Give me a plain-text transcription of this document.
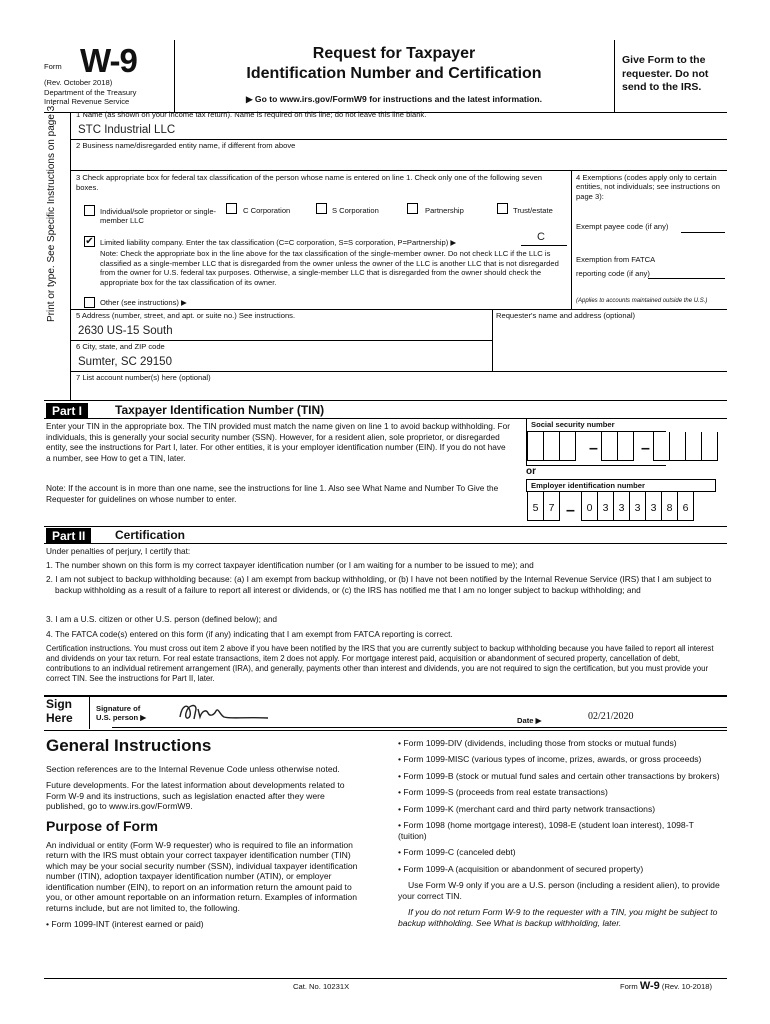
Form W-9
(Rev. October 2018)
Department of the Treasury
Internal Revenue Service
Request for Taxpayer
Identification Number and Certification
▶ Go to www.irs.gov/FormW9 for instructions and the latest information.
Give Form to the requester. Do not send to the IRS.
Print or type. See Specific Instructions on page 3.	1 Name (as shown on your income tax return). Name is required on this line; do not leave this line blank.
STC Industrial LLC
2 Business name/disregarded entity name, if different from above
3 Check appropriate box for federal tax classification of the person whose name is entered on line 1. Check only one of the following seven boxes.
Individual/sole proprietor or single-member LLC
C Corporation	S Corporation	Partnership	Trust/estate
✔ Limited liability company. Enter the tax classification (C=C corporation, S=S corporation, P=Partnership) ▶	C
Note: Check the appropriate box in the line above for the tax classification of the single-member owner. Do not check LLC if the LLC is classified as a single-member LLC that is disregarded from the owner unless the owner of the LLC is another LLC that is not disregarded from the owner for U.S. federal tax purposes. Otherwise, a single-member LLC that is disregarded from the owner should check the appropriate box for the tax classification of its owner.
Other (see instructions) ▶
4 Exemptions (codes apply only to certain entities, not individuals; see instructions on page 3):
Exempt payee code (if any)
Exemption from FATCA reporting code (if any)
(Applies to accounts maintained outside the U.S.)
5 Address (number, street, and apt. or suite no.) See instructions.
2630 US-15 South
Requester's name and address (optional)
6 City, state, and ZIP code
Sumter, SC 29150
7 List account number(s) here (optional)
Part I	Taxpayer Identification Number (TIN)
Enter your TIN in the appropriate box. The TIN provided must match the name given on line 1 to avoid backup withholding. For individuals, this is generally your social security number (SSN). However, for a resident alien, sole proprietor, or disregarded entity, see the instructions for Part I, later. For other entities, it is your employer identification number (EIN). If you do not have a number, see How to get a TIN, later.
Note: If the account is in more than one name, see the instructions for line 1. Also see What Name and Number To Give the Requester for guidelines on whose number to enter.
Social security number
–	–
or
Employer identification number
–
5 7	0 3 3 3 3 8 6
Part II	Certification
Under penalties of perjury, I certify that:
1. The number shown on this form is my correct taxpayer identification number (or I am waiting for a number to be issued to me); and
2. I am not subject to backup withholding because: (a) I am exempt from backup withholding, or (b) I have not been notified by the Internal Revenue Service (IRS) that I am subject to backup withholding as a result of a failure to report all interest or dividends, or (c) the IRS has notified me that I am no longer subject to backup withholding; and
3. I am a U.S. citizen or other U.S. person (defined below); and
4. The FATCA code(s) entered on this form (if any) indicating that I am exempt from FATCA reporting is correct.
Certification instructions. You must cross out item 2 above if you have been notified by the IRS that you are currently subject to backup withholding because you have failed to report all interest and dividends on your tax return. For real estate transactions, item 2 does not apply. For mortgage interest paid, acquisition or abandonment of secured property, cancellation of debt, contributions to an individual retirement arrangement (IRA), and generally, payments other than interest and dividends, you are not required to sign the certification, but you must provide your correct TIN. See the instructions for Part II, later.
Sign
Here
Signature of
U.S. person ▶	Date ▶	02/21/2020
General Instructions

Section references are to the Internal Revenue Code unless otherwise noted.

Future developments. For the latest information about developments related to Form W-9 and its instructions, such as legislation enacted after they were published, go to www.irs.gov/FormW9.

Purpose of Form

An individual or entity (Form W-9 requester) who is required to file an information return with the IRS must obtain your correct taxpayer identification number (TIN) which may be your social security number (SSN), individual taxpayer identification number (ITIN), adoption taxpayer identification number (ATIN), or employer identification number (EIN), to report on an information return the amount paid to you, or other amount reportable on an information return. Examples of information returns include, but are not limited to, the following.

• Form 1099-INT (interest earned or paid)

• Form 1099-DIV (dividends, including those from stocks or mutual funds)

• Form 1099-MISC (various types of income, prizes, awards, or gross proceeds)

• Form 1099-B (stock or mutual fund sales and certain other transactions by brokers)

• Form 1099-S (proceeds from real estate transactions)

• Form 1099-K (merchant card and third party network transactions)

• Form 1098 (home mortgage interest), 1098-E (student loan interest), 1098-T (tuition)

• Form 1099-C (canceled debt)

• Form 1099-A (acquisition or abandonment of secured property)

Use Form W-9 only if you are a U.S. person (including a resident alien), to provide your correct TIN.

If you do not return Form W-9 to the requester with a TIN, you might be subject to backup withholding. See What is backup withholding, later.

Cat. No. 10231X	Form W-9 (Rev. 10-2018)
